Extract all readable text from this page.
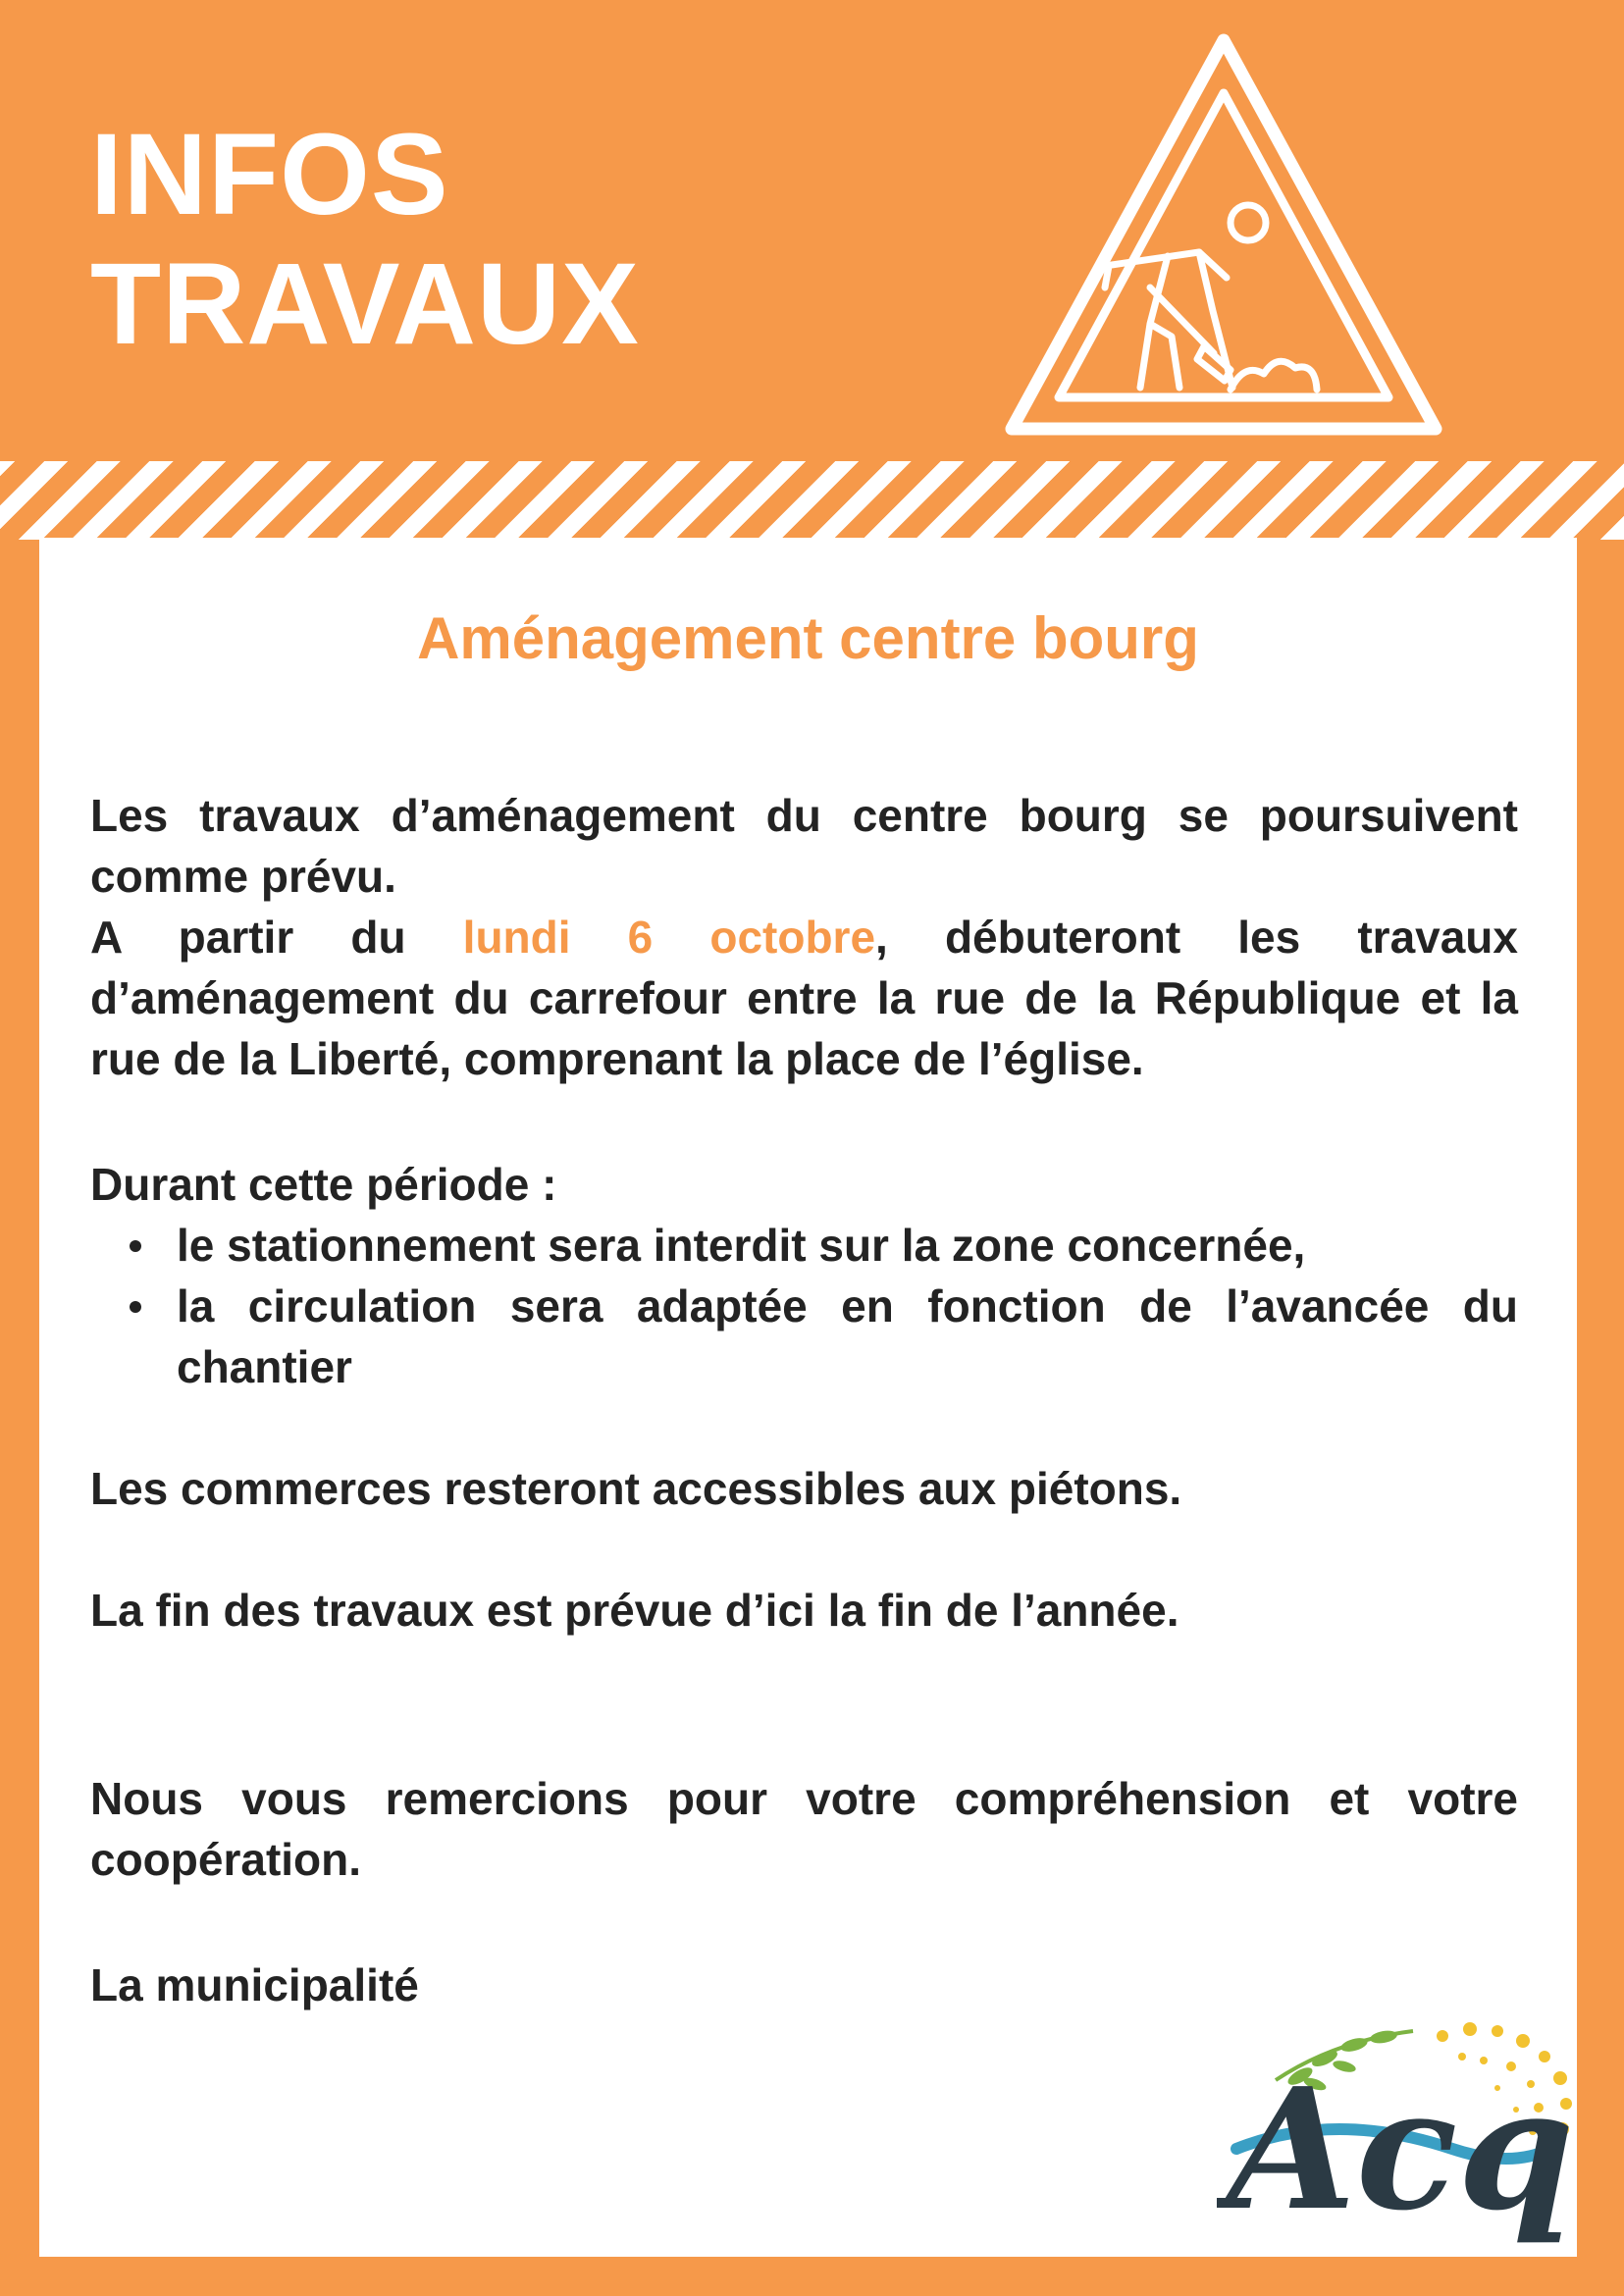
INFOS
TRAVAUX
Aménagement centre bourg

Les travaux d’aménagement du centre bourg se poursuivent comme prévu.

A partir du lundi 6 octobre, débuteront les travaux d’aménagement du carrefour entre la rue de la République et la rue de la Liberté, comprenant la place de l’église.

Durant cette période :

le stationnement sera interdit sur la zone concernée,
la circulation sera adaptée en fonction de l’avancée du chantier

Les commerces resteront accessibles aux piétons.

La fin des travaux est prévue d’ici la fin de l’année.

Nous vous remercions pour votre compréhension et votre coopération.

La municipalité

Acq
